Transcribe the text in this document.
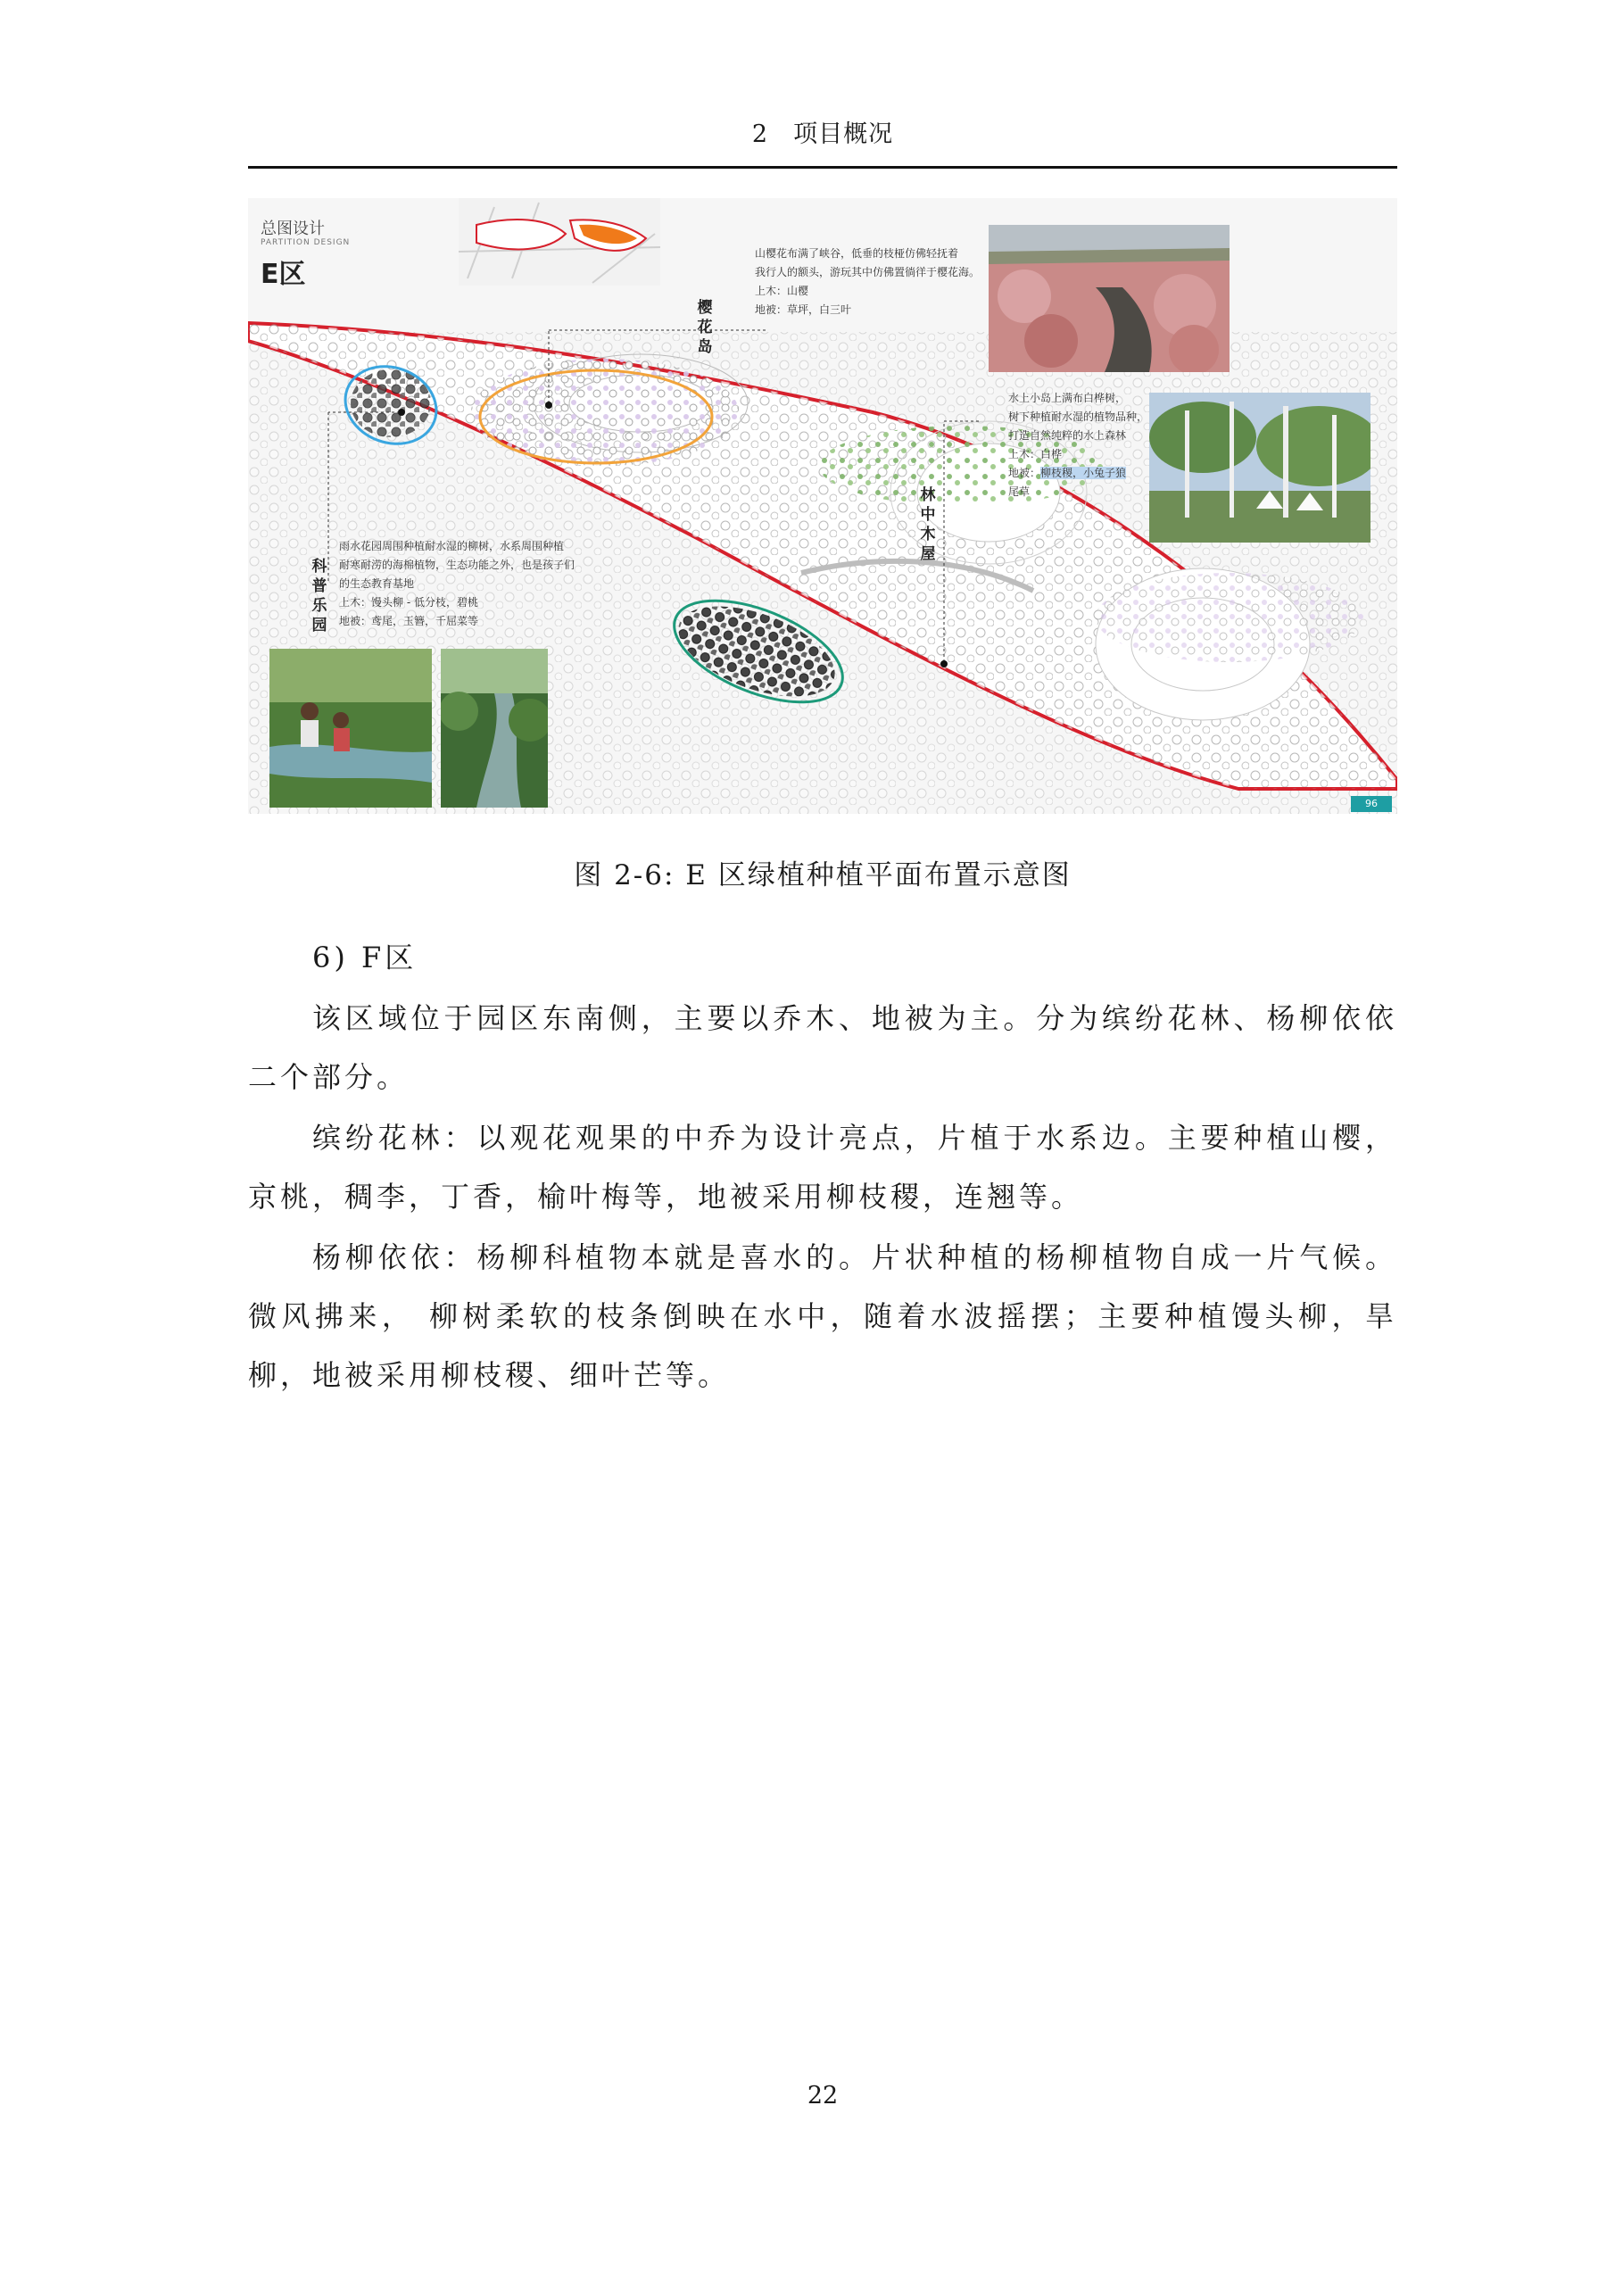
2　项目概况
总图设计
PARTITION DESIGN
E区
樱花岛
山樱花布满了峡谷，低垂的枝桠仿佛轻抚着
我行人的额头，游玩其中仿佛置徜徉于樱花海。
上木：山樱
地被：草坪，白三叶
林中木屋
水上小岛上满布白桦树，
树下种植耐水湿的植物品种，
打造自然纯粹的水上森林
上木：白桦
地被：柳枝稷，小兔子狼
尾草
科普乐园
雨水花园周围种植耐水湿的柳树，水系周围种植
耐寒耐涝的海棉植物，生态功能之外，也是孩子们
的生态教育基地
上木：馒头柳 - 低分枝，碧桃
地被：鸢尾，玉簪，千屈菜等
96
图 2-6: E 区绿植种植平面布置示意图
6) F区
该区域位于园区东南侧，主要以乔木、地被为主。分为缤纷花林、杨柳依依二个部分。
缤纷花林：以观花观果的中乔为设计亮点，片植于水系边。主要种植山樱，京桃，稠李，丁香，榆叶梅等，地被采用柳枝稷，连翘等。
杨柳依依：杨柳科植物本就是喜水的。片状种植的杨柳植物自成一片气候。微风拂来， 柳树柔软的枝条倒映在水中，随着水波摇摆；主要种植馒头柳，旱柳，地被采用柳枝稷、细叶芒等。
22
